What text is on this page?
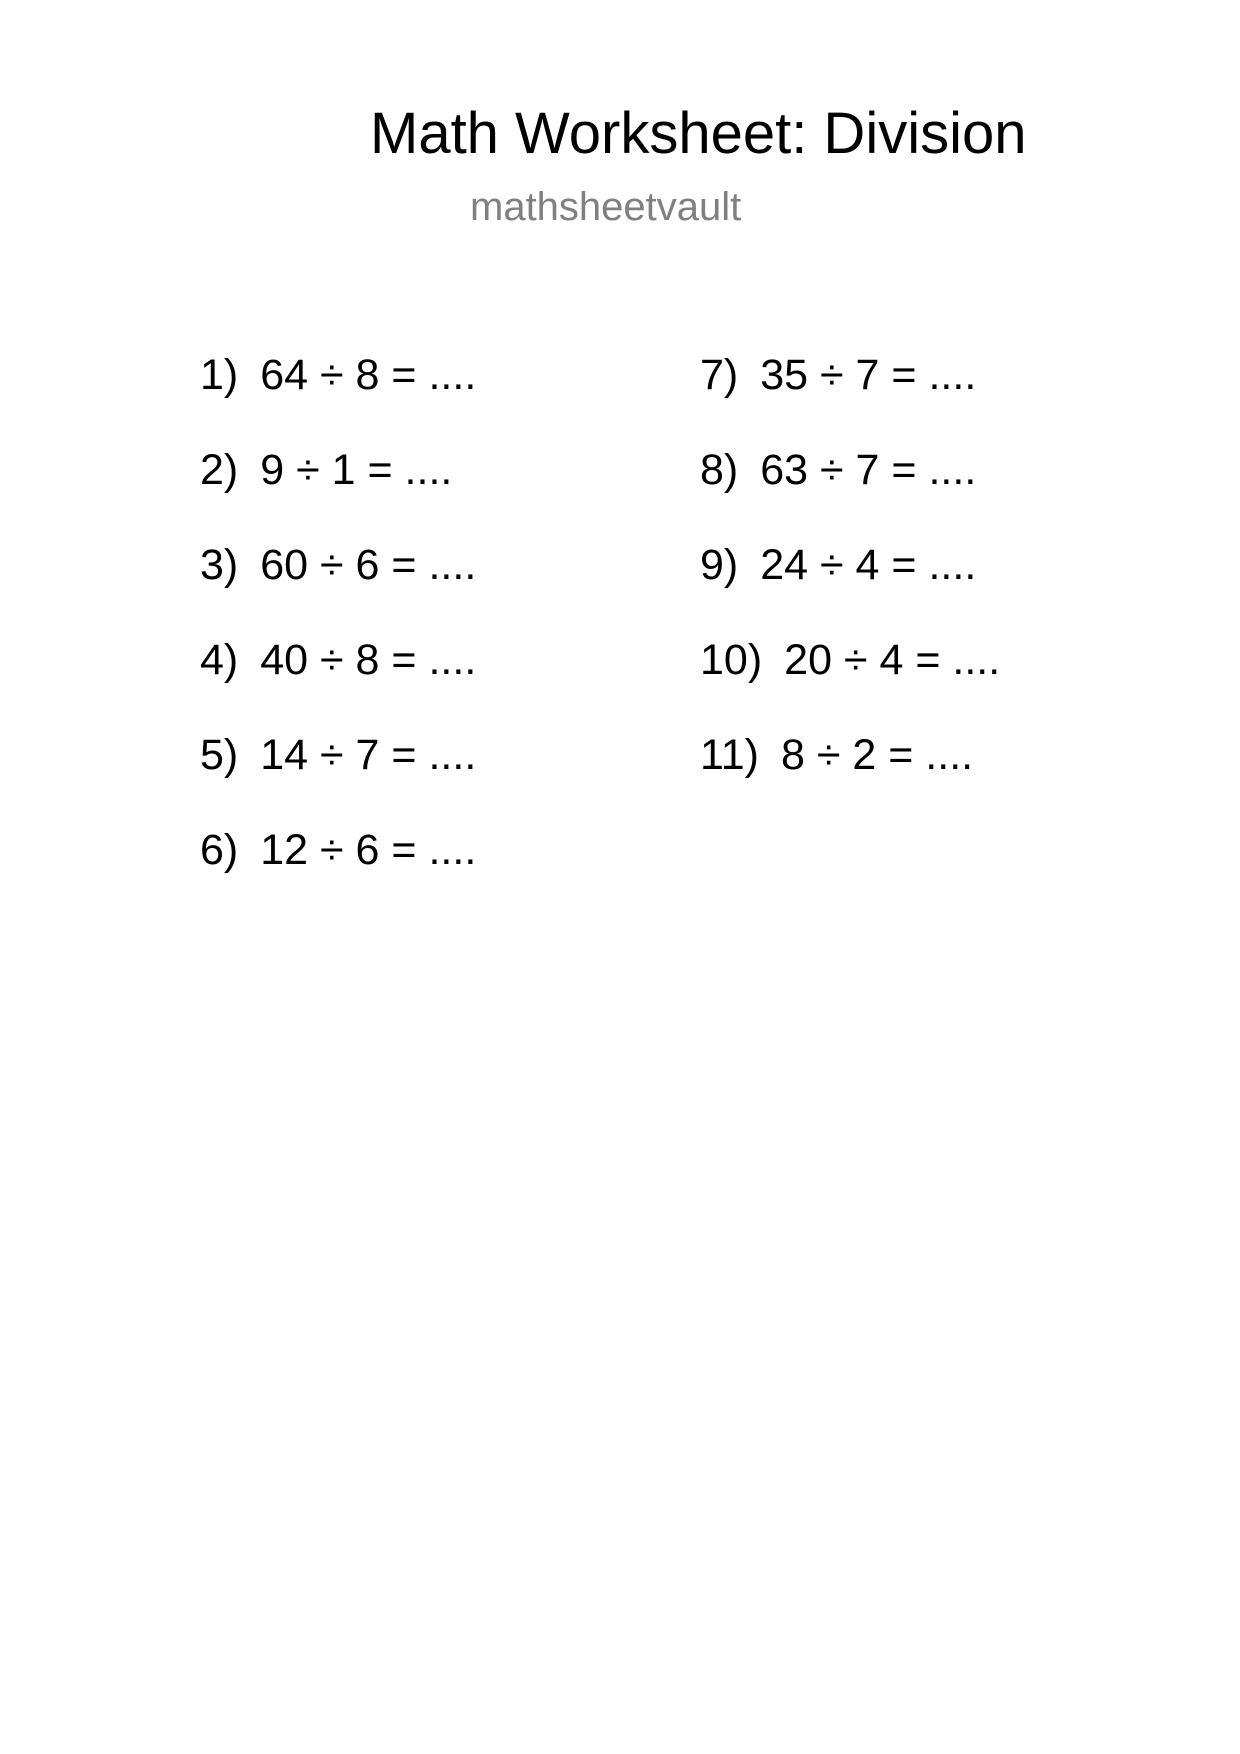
Math Worksheet: Division
mathsheetvault
1) 64 ÷ 8 = ....
2) 9 ÷ 1 = ....
3) 60 ÷ 6 = ....
4) 40 ÷ 8 = ....
5) 14 ÷ 7 = ....
6) 12 ÷ 6 = ....
7) 35 ÷ 7 = ....
8) 63 ÷ 7 = ....
9) 24 ÷ 4 = ....
10) 20 ÷ 4 = ....
11) 8 ÷ 2 = ....
